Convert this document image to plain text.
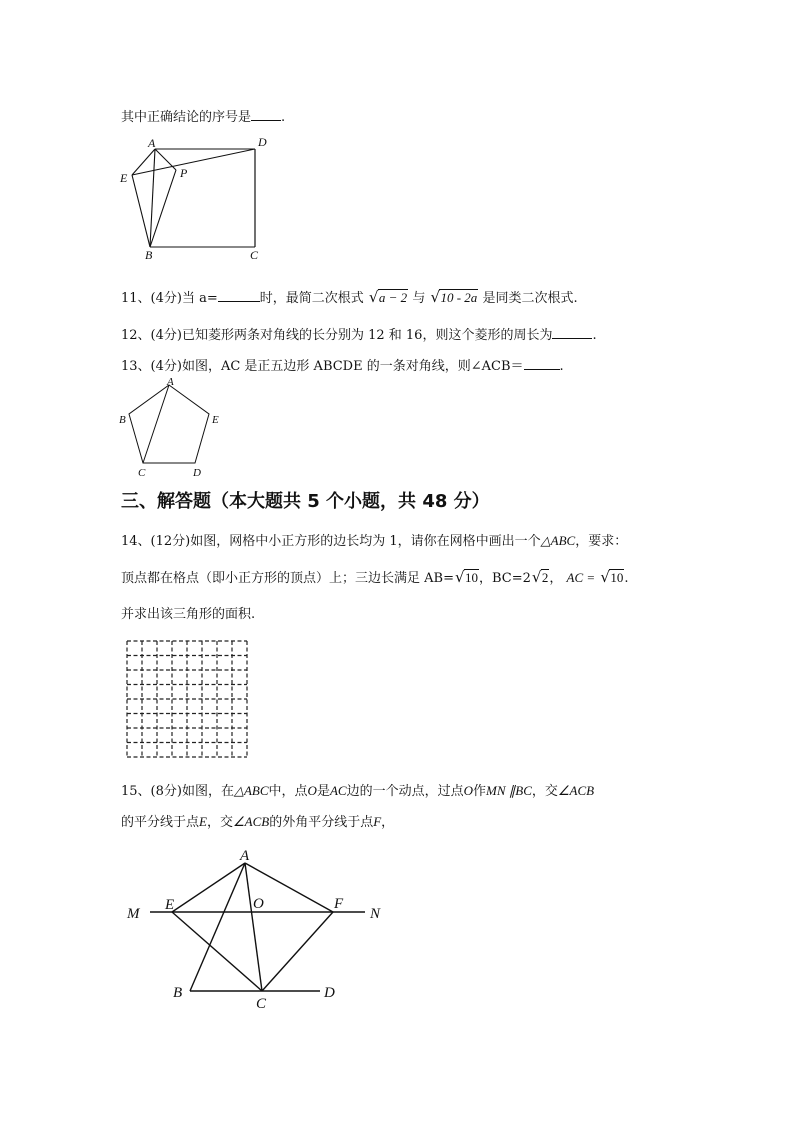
其中正确结论的序号是 .
A	D
E	P
B	C
11、(4分)当 a=	时，最简二次根式 √ a − 2 与 √ 10 - 2a 是同类二次根式.
12、(4分)已知菱形两条对角线的长分别为 12 和 16，则这个菱形的周长为	.
13、(4分)如图，AC 是正五边形 ABCDE 的一条对角线，则∠ACB＝	.
A
B	E
C	D
三、解答题（本大题共 5 个小题，共 48 分）
14、(12分)如图，网格中小正方形的边长均为 1，请你在网格中画出一个△ABC，要求：
顶点都在格点（即小正方形的顶点）上；三边长满足 AB= √ 10，BC=2 √ 2， AC = √ 10.
并求出该三角形的面积.
15、(8分)如图，在△ABC中，点O是AC边的一个动点，过点O作MN ∥BC，交∠ACB
的平分线于点E，交∠ACB的外角平分线于点F，
A
M
E	O	F
N
B
C
D
